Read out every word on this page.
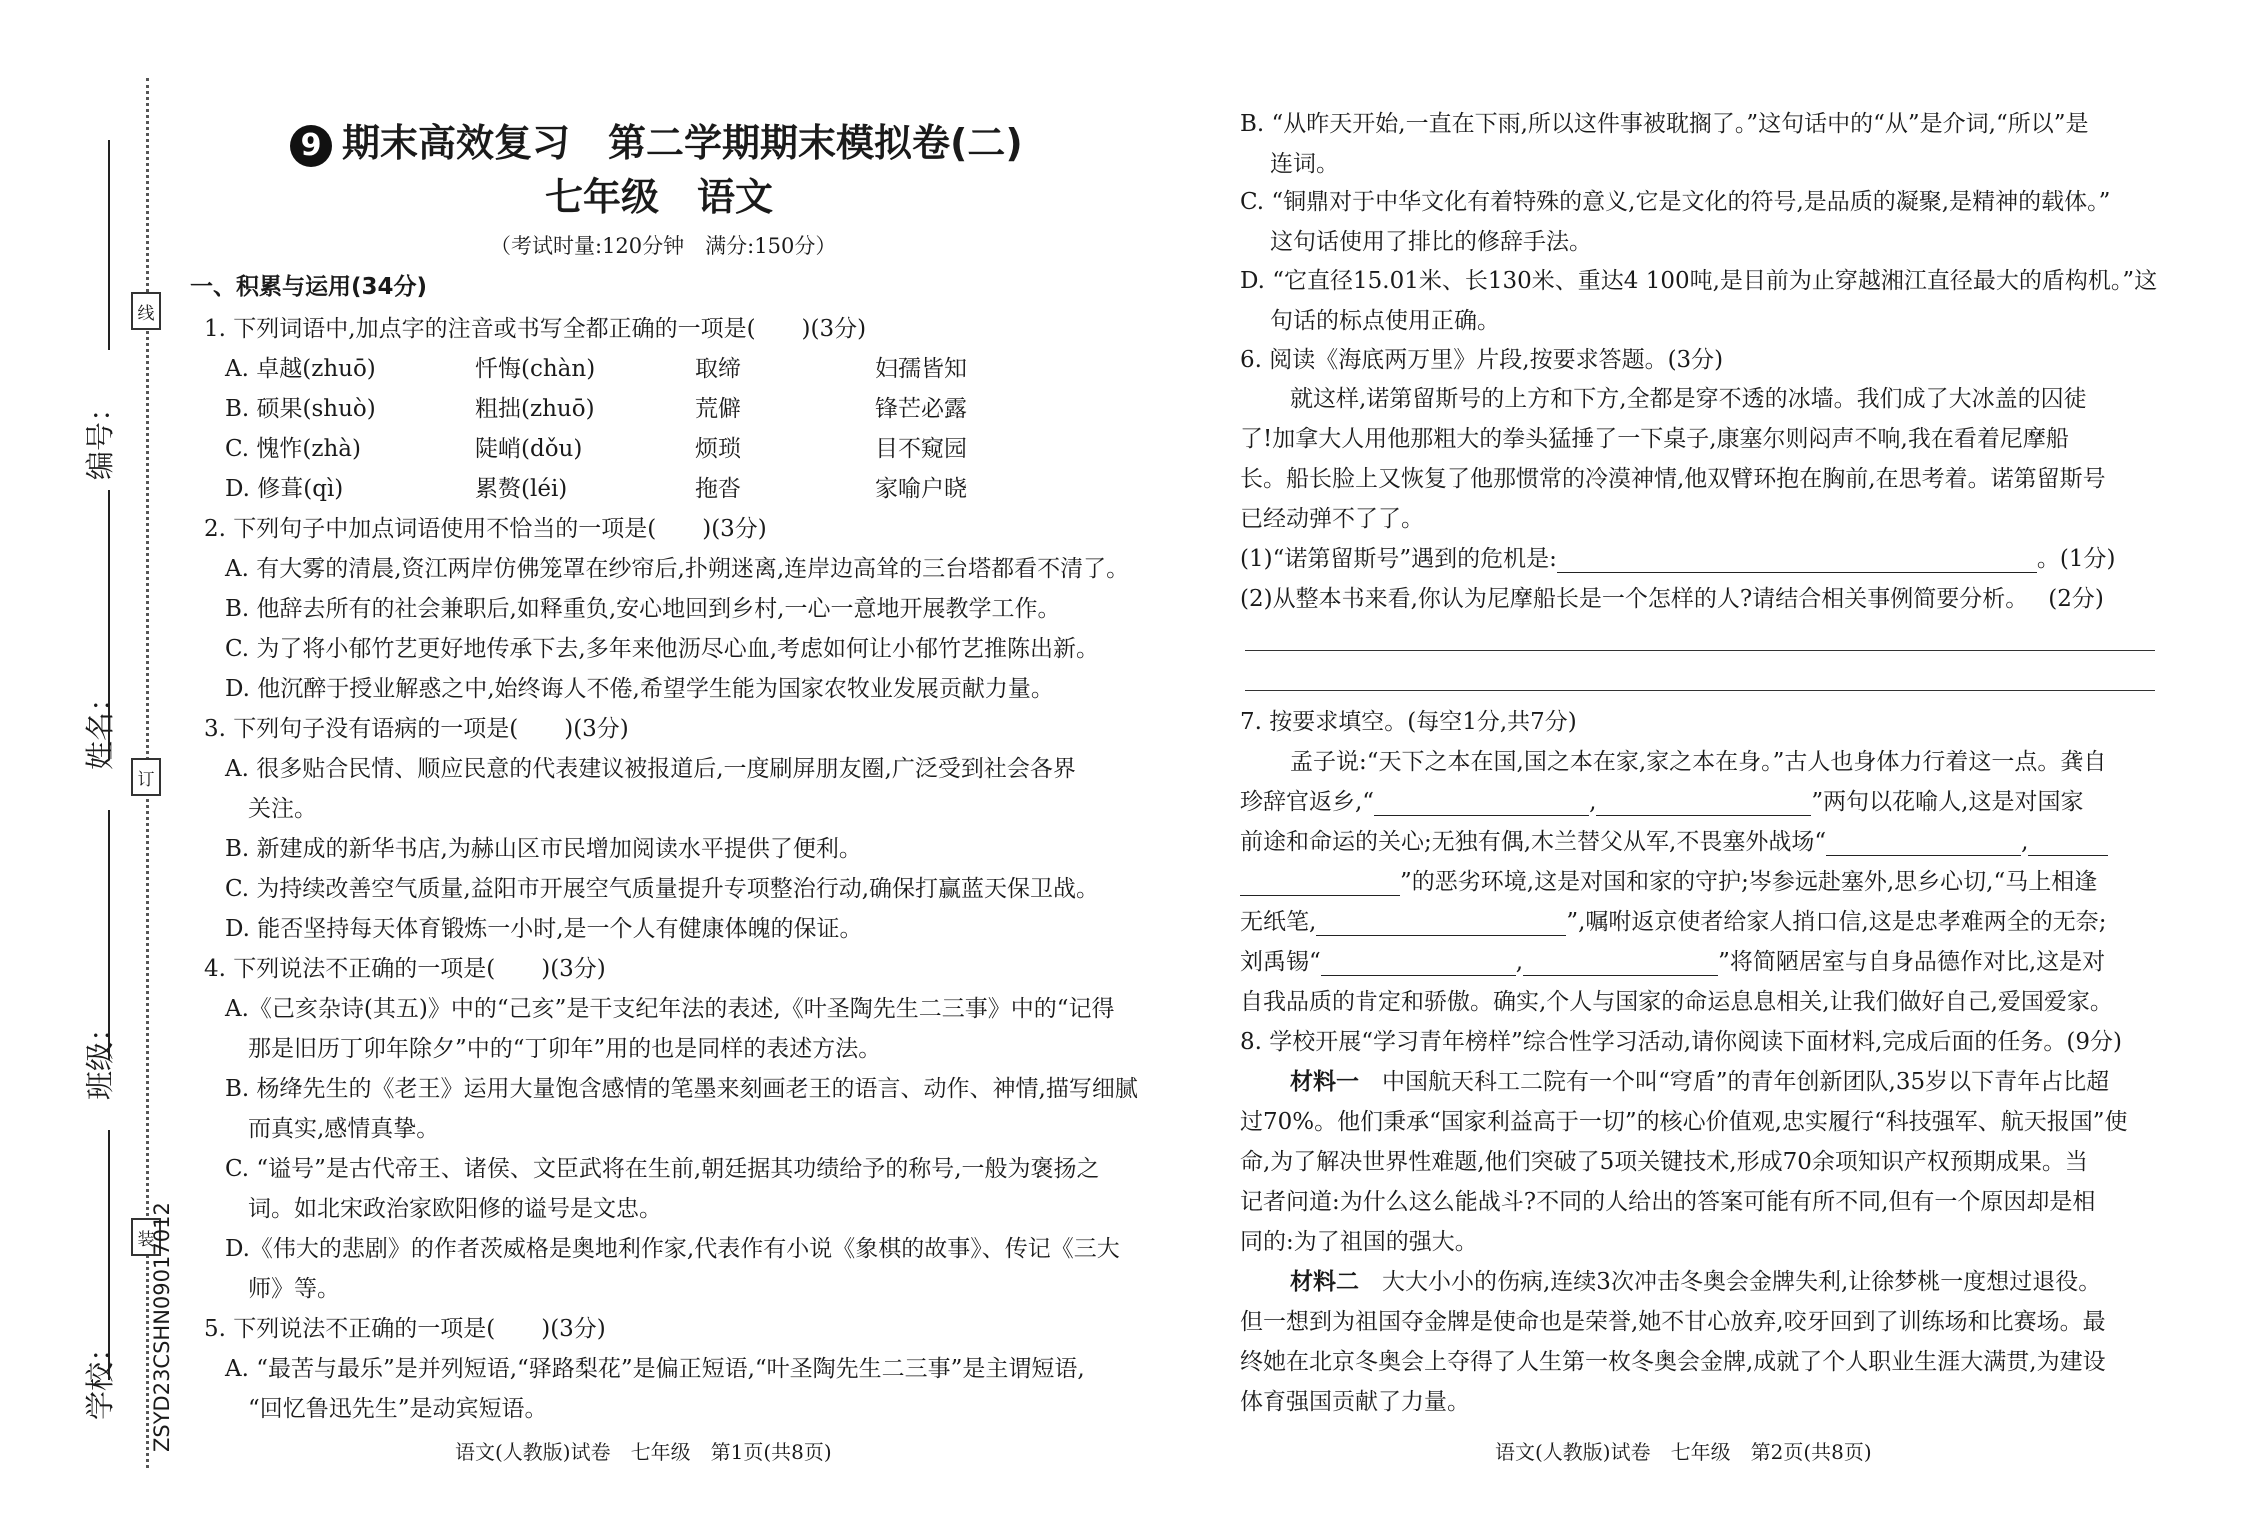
线
订
装
编号：
姓名：
班级：
学校： ZSYD23CSHN09017012
9 期末高效复习　第二学期期末模拟卷(二)
七年级　语文
（考试时量:120分钟　满分:150分）
一、积累与运用(34分)
1. 下列词语中,加点字的注音或书写全都正确的一项是(　　)(3分)
A. 卓越(zhuō)	忏悔(chàn)	取缔	妇孺皆知
B. 硕果(shuò)	粗拙(zhuō)	荒僻	锋芒必露
C. 愧怍(zhà)	陡峭(dǒu)	烦琐	目不窥园
D. 修葺(qì)	累赘(léi)	拖沓	家喻户晓
2. 下列句子中加点词语使用不恰当的一项是(　　)(3分)
A. 有大雾的清晨,资江两岸仿佛笼罩在纱帘后,扑朔迷离,连岸边高耸的三台塔都看不清了。
B. 他辞去所有的社会兼职后,如释重负,安心地回到乡村,一心一意地开展教学工作。
C. 为了将小郁竹艺更好地传承下去,多年来他沥尽心血,考虑如何让小郁竹艺推陈出新。
D. 他沉醉于授业解惑之中,始终诲人不倦,希望学生能为国家农牧业发展贡献力量。
3. 下列句子没有语病的一项是(　　)(3分)
A. 很多贴合民情、顺应民意的代表建议被报道后,一度刷屏朋友圈,广泛受到社会各界
关注。
B. 新建成的新华书店,为赫山区市民增加阅读水平提供了便利。
C. 为持续改善空气质量,益阳市开展空气质量提升专项整治行动,确保打赢蓝天保卫战。
D. 能否坚持每天体育锻炼一小时,是一个人有健康体魄的保证。
4. 下列说法不正确的一项是(　　)(3分)
A.《己亥杂诗(其五)》中的“己亥”是干支纪年法的表述,《叶圣陶先生二三事》中的“记得
那是旧历丁卯年除夕”中的“丁卯年”用的也是同样的表述方法。
B. 杨绛先生的《老王》运用大量饱含感情的笔墨来刻画老王的语言、动作、神情,描写细腻
而真实,感情真挚。
C. “谥号”是古代帝王、诸侯、文臣武将在生前,朝廷据其功绩给予的称号,一般为褒扬之
词。如北宋政治家欧阳修的谥号是文忠。
D.《伟大的悲剧》的作者茨威格是奥地利作家,代表作有小说《象棋的故事》、传记《三大
师》等。
5. 下列说法不正确的一项是(　　)(3分)
A. “最苦与最乐”是并列短语,“驿路梨花”是偏正短语,“叶圣陶先生二三事”是主谓短语,
“回忆鲁迅先生”是动宾短语。
语文(人教版)试卷　七年级　第1页(共8页)
B. “从昨天开始,一直在下雨,所以这件事被耽搁了。”这句话中的“从”是介词,“所以”是
连词。
C. “铜鼎对于中华文化有着特殊的意义,它是文化的符号,是品质的凝聚,是精神的载体。”
这句话使用了排比的修辞手法。
D. “它直径15.01米、长130米、重达4 100吨,是目前为止穿越湘江直径最大的盾构机。”这
句话的标点使用正确。
6. 阅读《海底两万里》片段,按要求答题。(3分)
就这样,诺第留斯号的上方和下方,全都是穿不透的冰墙。我们成了大冰盖的囚徒
了!加拿大人用他那粗大的拳头猛捶了一下桌子,康塞尔则闷声不响,我在看着尼摩船
长。船长脸上又恢复了他那惯常的冷漠神情,他双臂环抱在胸前,在思考着。诺第留斯号
已经动弹不了了。
(1)“诺第留斯号”遇到的危机是:	。(1分)
(2)从整本书来看,你认为尼摩船长是一个怎样的人?请结合相关事例简要分析。 (2分)
7. 按要求填空。(每空1分,共7分)
孟子说:“天下之本在国,国之本在家,家之本在身。”古人也身体力行着这一点。龚自
珍辞官返乡,“	,	”两句以花喻人,这是对国家
前途和命运的关心;无独有偶,木兰替父从军,不畏塞外战场“	,
”的恶劣环境,这是对国和家的守护;岑参远赴塞外,思乡心切,“马上相逢
无纸笔,	”,嘱咐返京使者给家人捎口信,这是忠孝难两全的无奈;
刘禹锡“	,	”将简陋居室与自身品德作对比,这是对
自我品质的肯定和骄傲。确实,个人与国家的命运息息相关,让我们做好自己,爱国爱家。
8. 学校开展“学习青年榜样”综合性学习活动,请你阅读下面材料,完成后面的任务。(9分)
材料一　 中国航天科工二院有一个叫“穹盾”的青年创新团队,35岁以下青年占比超
过70%。他们秉承“国家利益高于一切”的核心价值观,忠实履行“科技强军、航天报国”使
命,为了解决世界性难题,他们突破了5项关键技术,形成70余项知识产权预期成果。当
记者问道:为什么这么能战斗?不同的人给出的答案可能有所不同,但有一个原因却是相
同的:为了祖国的强大。
材料二　 大大小小的伤病,连续3次冲击冬奥会金牌失利,让徐梦桃一度想过退役。
但一想到为祖国夺金牌是使命也是荣誉,她不甘心放弃,咬牙回到了训练场和比赛场。最
终她在北京冬奥会上夺得了人生第一枚冬奥会金牌,成就了个人职业生涯大满贯,为建设
体育强国贡献了力量。
语文(人教版)试卷　七年级　第2页(共8页)
